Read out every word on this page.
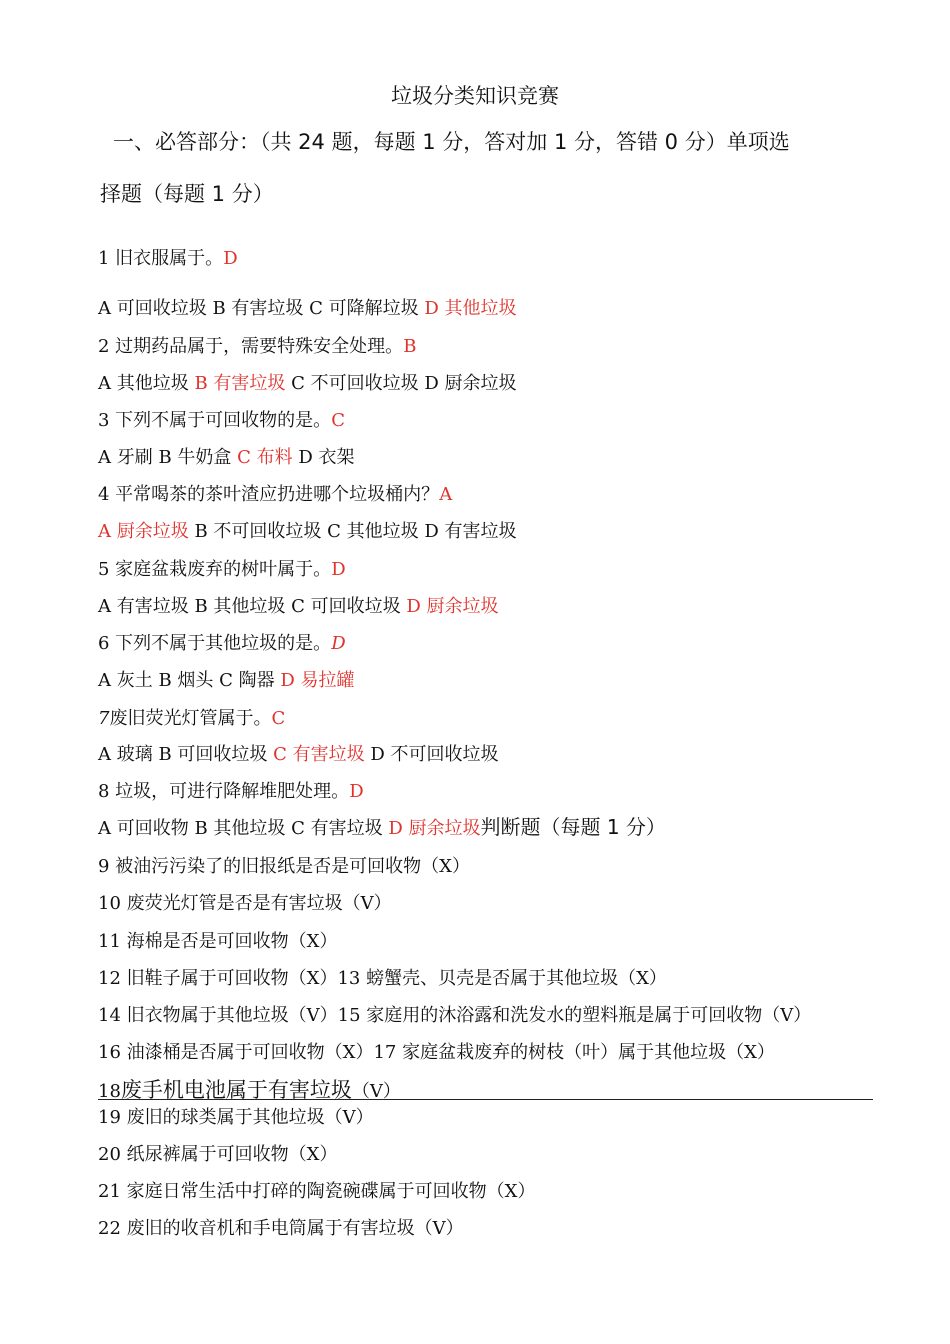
垃圾分类知识竞赛
一、必答部分：（共 24 题，每题 1 分，答对加 1 分，答错 0 分）单项选
择题（每题 1 分）
1 旧衣服属于。D
A 可回收垃圾 B 有害垃圾 C 可降解垃圾 D 其他垃圾
2 过期药品属于，需要特殊安全处理。B
A 其他垃圾 B 有害垃圾 C 不可回收垃圾 D 厨余垃圾
3 下列不属于可回收物的是。C
A 牙刷 B 牛奶盒 C 布料 D 衣架
4 平常喝茶的茶叶渣应扔进哪个垃圾桶内？A
A 厨余垃圾 B 不可回收垃圾 C 其他垃圾 D 有害垃圾
5 家庭盆栽废弃的树叶属于。D
A 有害垃圾 B 其他垃圾 C 可回收垃圾 D 厨余垃圾
6 下列不属于其他垃圾的是。D
A 灰土 B 烟头 C 陶器 D 易拉罐
7废旧荧光灯管属于。C
A 玻璃 B 可回收垃圾 C 有害垃圾 D 不可回收垃圾
8 垃圾，可进行降解堆肥处理。D
A 可回收物 B 其他垃圾 C 有害垃圾 D 厨余垃圾判断题（每题 1 分）
9 被油污污染了的旧报纸是否是可回收物（X）
10 废荧光灯管是否是有害垃圾（V）
11 海棉是否是可回收物（X）
12 旧鞋子属于可回收物（X）13 螃蟹壳、贝壳是否属于其他垃圾（X）
14 旧衣物属于其他垃圾（V）15 家庭用的沐浴露和洗发水的塑料瓶是属于可回收物（V）
16 油漆桶是否属于可回收物（X）17 家庭盆栽废弃的树枝（叶）属于其他垃圾（X）
18废手机电池属于有害垃圾（V）
19 废旧的球类属于其他垃圾（V）
20 纸尿裤属于可回收物（X）
21 家庭日常生活中打碎的陶瓷碗碟属于可回收物（X）
22 废旧的收音机和手电筒属于有害垃圾（V）
